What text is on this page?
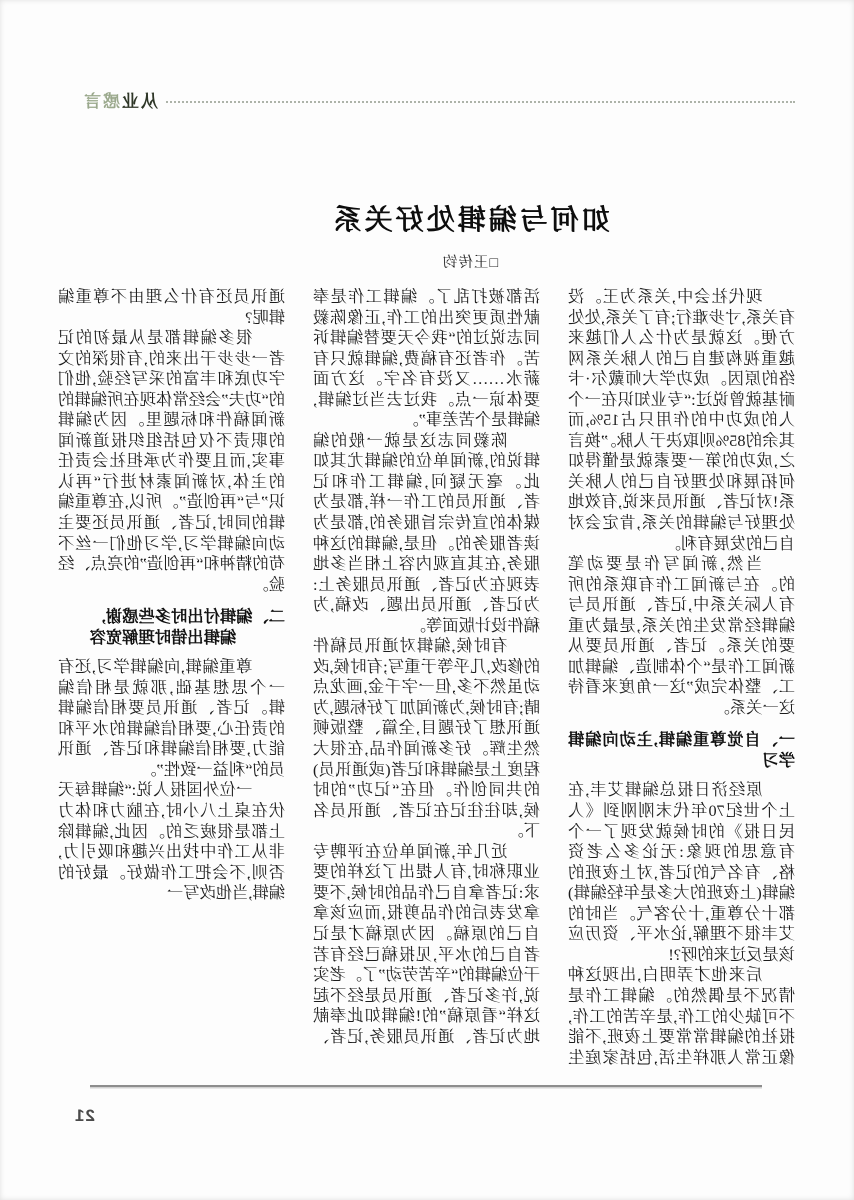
从业感言
如何与编辑处好关系
□王传钧

现代社会中,关系为王。没有关系,寸步难行;有了关系,处处方便。这就是为什么人们越来越重视构建自己的人脉关系网络的原因。成功学大师戴尔·卡耐基就曾说过:“专业知识在一个人的成功中的作用只占15%,而其余的85%则取决于人脉。”换言之,成功的第一要素就是懂得如何拓展和处理好自己的人脉关系!对记者、通讯员来说,有效地处理好与编辑的关系,肯定会对自己的发展有利。

当然,新闻写作是要动笔的。在与新闻工作有联系的所有人际关系中,记者、通讯员与编辑经常发生的关系,是最为重要的关系。记者、通讯员要从新闻工作是“个体制造、编辑加工、整体完成”这一角度来看待这一关系。

一、自觉尊重编辑,主动向编辑学习

原经济日报总编辑艾丰,在上个世纪70年代末刚刚到《人民日报》的时候就发现了一个有意思的现象:无论多么老资格、有名气的记者,对上夜班的编辑(上夜班的大多是年轻编辑)都十分尊重,十分客气。当时的艾丰很不理解,论水平、资历应该是反过来的呀?!

后来他才弄明白,出现这种情况不是偶然的。编辑工作是不可缺少的工作,是辛苦的工作,报社的编辑常常要上夜班,不能像正常人那样生活,包括家庭生活都被打乱了。编辑工作是奉献性质更突出的工作,正像陈毅同志说过的“我今天要替编辑诉苦。作者还有稿费,编辑就只有薪水……又没有名字。这方面要体谅一点。我过去当过编辑,编辑是个苦差事”。

陈毅同志这是就一般的编辑说的,新闻单位的编辑尤其如此。毫无疑问,编辑工作和记者、通讯员的工作一样,都是为媒体的宣传宗旨服务的,都是为读者服务的。但是,编辑的这种服务,在其直观内容上相当多地表现在为记者、通讯员服务上:为记者、通讯员出题、改稿,为稿件设计版面等。

有时候,编辑对通讯员稿件的修改,几乎等于重写;有时候,改动虽然不多,但一字千金,画龙点睛;有时候,为新闻加了好标题,为通讯想了好题目,全篇、整版顿然生辉。好多新闻作品,在很大程度上是编辑和记者(或通讯员)的共同创作。但在“记功”的时候,却往往记在记者、通讯员名下。

近几年,新闻单位在评聘专业职称时,有人提出了这样的要求:记者拿自己作品的时候,不要拿发表后的作品剪报,而应该拿自己的原稿。因为原稿才是记者自己的水平,见报稿已经有若干位编辑的“辛苦劳动”了。老实说,许多记者、通讯员是经不起这样“看原稿”的!编辑如此奉献地为记者、通讯员服务,记者、通讯员还有什么理由不尊重编辑呢?

很多编辑都是从最初的记者一步步干出来的,有很深的文字功底和丰富的采写经验,他们的“功夫”会经常体现在所编辑的新闻稿件和标题里。因为编辑的职责不仅包括组织报道新闻事实,而且要作为承担社会责任的主体,对新闻素材进行“再认识”与“再创造”。所以,在尊重编辑的同时,记者、通讯员还要主动向编辑学习,学习他们一丝不苟的精神和“再创造”的亮点、经验。

二、编辑付出时多些感谢,
编辑出错时理解宽容

尊重编辑,向编辑学习,还有一个思想基础,那就是相信编辑。记者、通讯员要相信编辑的责任心,要相信编辑的水平和能力,要相信编辑和记者、通讯员的“利益一致性”。

一位外国报人说:“编辑每天伏在桌上八小时,在脑力和体力上都是很疲乏的。因此,编辑除非从工作中找出兴趣和吸引力,否则,不会把工作做好。最好的编辑,当他改写一

21
